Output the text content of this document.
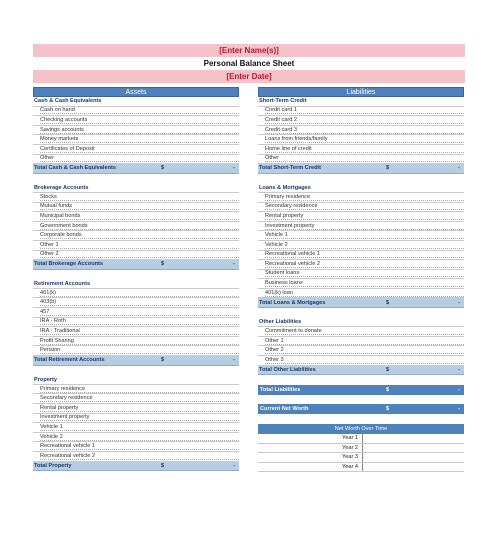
[Enter Name(s)]
Personal Balance Sheet
[Enter Date]
Assets
Cash & Cash Equivalents
Cash on hand
Checking accounts
Savings accounts
Money markets
Certificates of Deposit
Other
Total Cash & Cash Equivalents	$	-
Brokerage Accounts
Stocks
Mutual funds
Municipal bonds
Government bonds
Corporate bonds
Other 1
Other 2
Total Brokerage Accounts	$	-
Retirement Accounts
401(k)
403(b)
457
IRA - Roth
IRA - Traditional
Profit Sharing
Pension
Total Retirement Accounts	$	-
Property
Primary residence
Secondary residence
Rental property
Investment property
Vehicle 1
Vehicle 2
Recreational vehicle 1
Recreational vehicle 2
Total Property	$	-
Liabilities
Short-Term Credit
Credit card 1
Credit card 2
Credit card 3
Loans from friends/family
Home line of credit
Other
Total Short-Term Credit	$	-
Loans & Mortgages
Primary residence
Secondary residence
Rental property
Investment property
Vehicle 1
Vehicle 2
Recreational vehicle 1
Recreational vehicle 2
Student loans
Business loans
401(k) loan
Total Loans & Mortgages	$	-
Other Liabilities
Commitment to donate
Other 1
Other 2
Other 3
Total Other Liabilities	$	-
Total Liabilities	$	-
Current Net Worth	$	-
Net Worth Over Time
Year 1
Year 2
Year 3
Year 4
